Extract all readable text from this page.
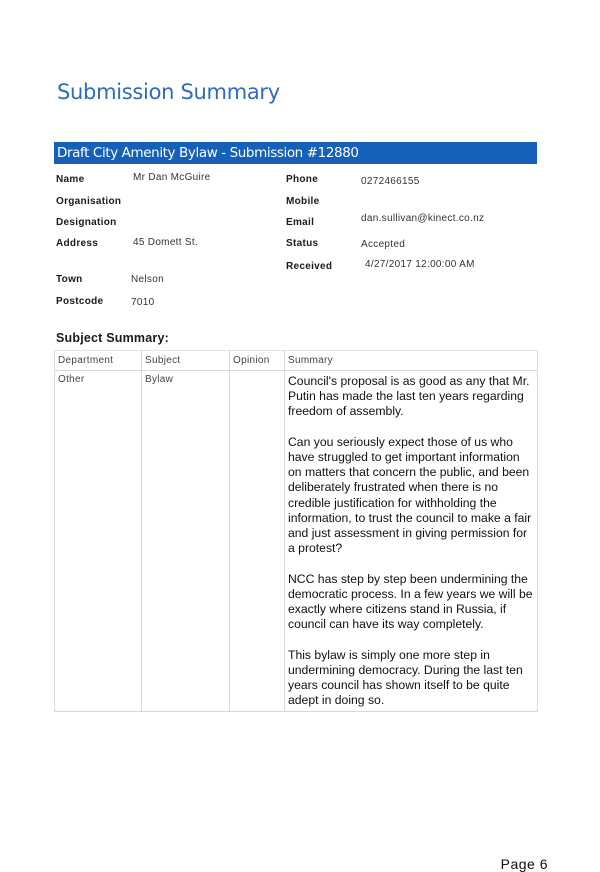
Submission Summary
Draft City Amenity Bylaw - Submission #12880
Name	Mr Dan McGuire
Organisation
Designation
Address	45 Domett St.
Town	Nelson
Postcode	7010
Phone	0272466155
Mobile
Email	dan.sullivan@kinect.co.nz
Status	Accepted
Received	4/27/2017 12:00:00 AM
Subject Summary:
Department	Subject	Opinion	Summary
Other	Bylaw		Council's proposal is as good as any that Mr. Putin has made the last ten years regarding freedom of assembly.

Can you seriously expect those of us who have struggled to get important information on matters that concern the public, and been deliberately frustrated when there is no credible justification for withholding the information, to trust the council to make a fair and just assessment in giving permission for a protest?

NCC has step by step been undermining the democratic process. In a few years we will be exactly where citizens stand in Russia, if council can have its way completely.

This bylaw is simply one more step in undermining democracy. During the last ten years council has shown itself to be quite adept in doing so.

Page 6
